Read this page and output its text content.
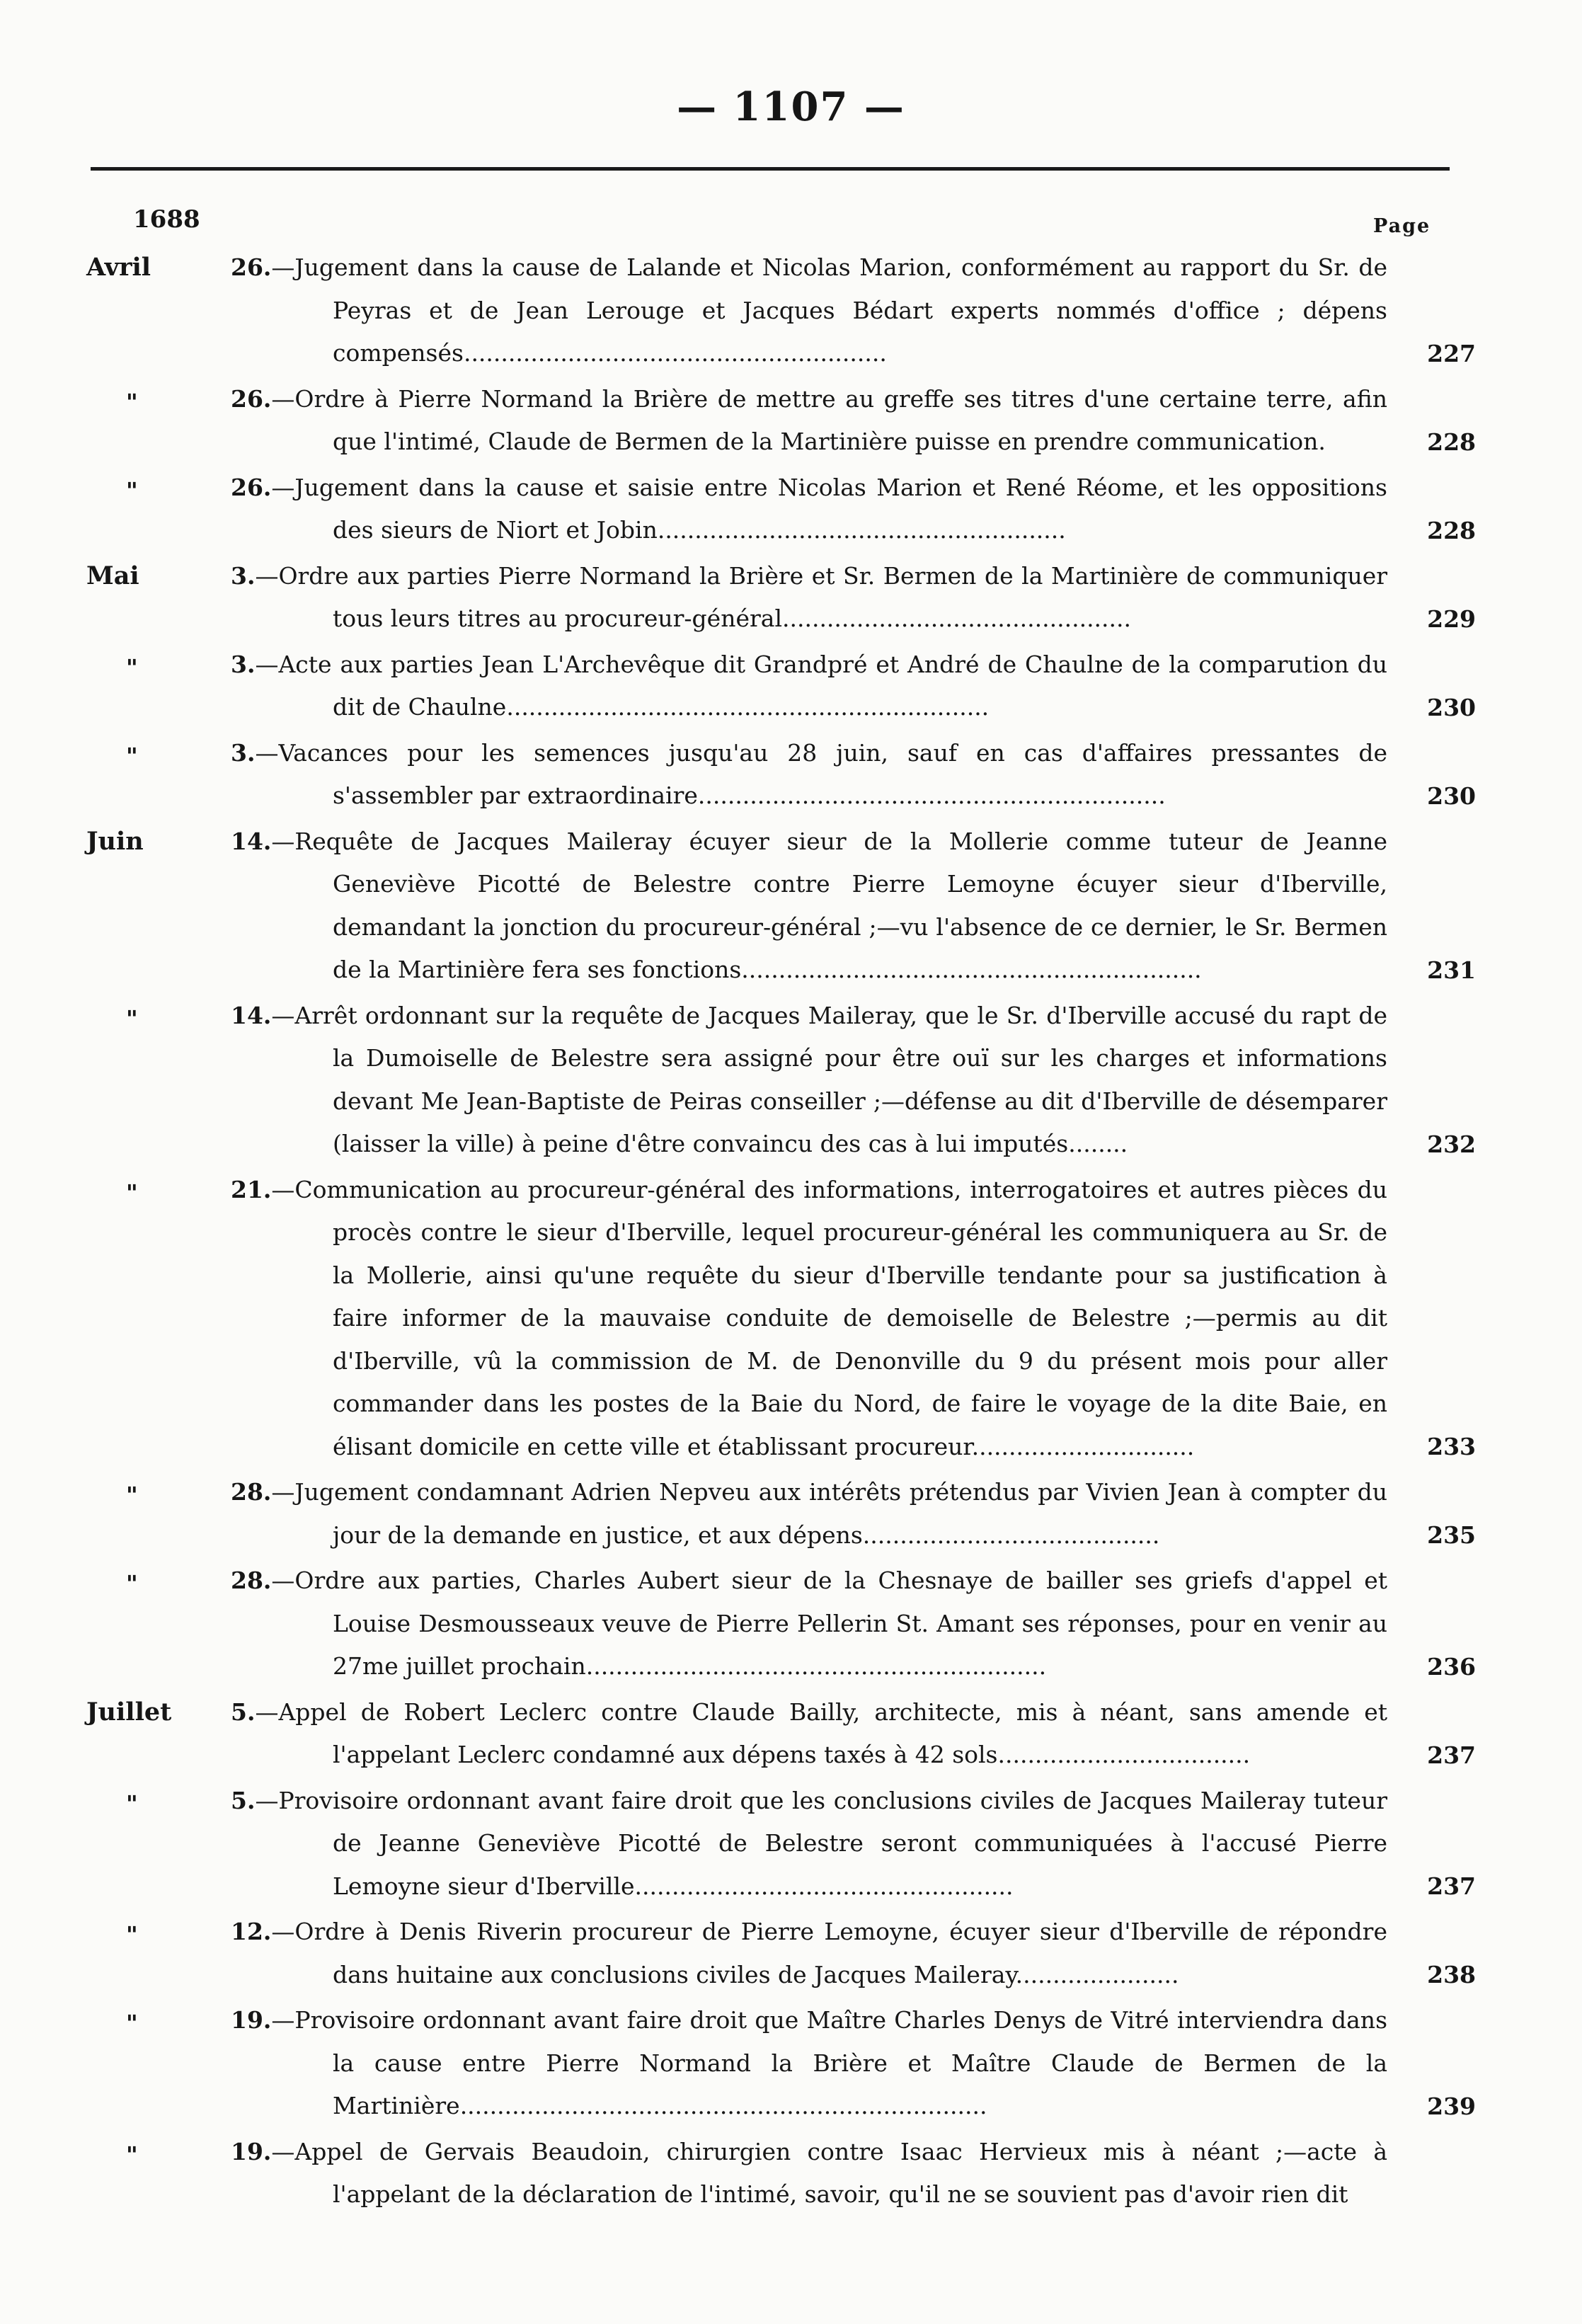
— 1107 —
1688	Page
Avril	26.—Jugement dans la cause de Lalande et Nicolas Marion, conformément au rapport du Sr. de Peyras et de Jean Lerouge et Jacques Bédart experts nommés d'office ; dépens compensés.........................................................	227
"	26.—Ordre à Pierre Normand la Brière de mettre au greffe ses titres d'une certaine terre, afin que l'intimé, Claude de Bermen de la Martinière puisse en prendre communication.	228
"	26.—Jugement dans la cause et saisie entre Nicolas Marion et René Réome, et les oppositions des sieurs de Niort et Jobin.......................................................	228
Mai	3.—Ordre aux parties Pierre Normand la Brière et Sr. Bermen de la Martinière de communiquer tous leurs titres au procureur-général...............................................	229
"	3.—Acte aux parties Jean L'Archevêque dit Grandpré et André de Chaulne de la comparution du dit de Chaulne.................................................................	230
"	3.—Vacances pour les semences jusqu'au 28 juin, sauf en cas d'affaires pressantes de s'assembler par extraordinaire...............................................................	230
Juin	14.—Requête de Jacques Maileray écuyer sieur de la Mollerie comme tuteur de Jeanne Geneviève Picotté de Belestre contre Pierre Lemoyne écuyer sieur d'Iberville, demandant la jonction du procureur-général ;—vu l'absence de ce dernier, le Sr. Bermen de la Martinière fera ses fonctions..............................................................	231
"	14.—Arrêt ordonnant sur la requête de Jacques Maileray, que le Sr. d'Iberville accusé du rapt de la Dumoiselle de Belestre sera assigné pour être ouï sur les charges et informations devant Me Jean-Baptiste de Peiras conseiller ;—défense au dit d'Iberville de désemparer (laisser la ville) à peine d'être convaincu des cas à lui imputés........	232
"	21.—Communication au procureur-général des informations, interrogatoires et autres pièces du procès contre le sieur d'Iberville, lequel procureur-général les communiquera au Sr. de la Mollerie, ainsi qu'une requête du sieur d'Iberville tendante pour sa justification à faire informer de la mauvaise conduite de demoiselle de Belestre ;—permis au dit d'Iberville, vû la commission de M. de Denonville du 9 du présent mois pour aller commander dans les postes de la Baie du Nord, de faire le voyage de la dite Baie, en élisant domicile en cette ville et établissant procureur..............................	233
"	28.—Jugement condamnant Adrien Nepveu aux intérêts prétendus par Vivien Jean à compter du jour de la demande en justice, et aux dépens........................................	235
"	28.—Ordre aux parties, Charles Aubert sieur de la Chesnaye de bailler ses griefs d'appel et Louise Desmousseaux veuve de Pierre Pellerin St. Amant ses réponses, pour en venir au 27me juillet prochain..............................................................	236
Juillet	5.—Appel de Robert Leclerc contre Claude Bailly, architecte, mis à néant, sans amende et l'appelant Leclerc condamné aux dépens taxés à 42 sols..................................	237
"	5.—Provisoire ordonnant avant faire droit que les conclusions civiles de Jacques Maileray tuteur de Jeanne Geneviève Picotté de Belestre seront communiquées à l'accusé Pierre Lemoyne sieur d'Iberville...................................................	237
"	12.—Ordre à Denis Riverin procureur de Pierre Lemoyne, écuyer sieur d'Iberville de répondre dans huitaine aux conclusions civiles de Jacques Maileray......................	238
"	19.—Provisoire ordonnant avant faire droit que Maître Charles Denys de Vitré interviendra dans la cause entre Pierre Normand la Brière et Maître Claude de Bermen de la Martinière.......................................................................	239
"	19.—Appel de Gervais Beaudoin, chirurgien contre Isaac Hervieux mis à néant ;—acte à l'appelant de la déclaration de l'intimé, savoir, qu'il ne se souvient pas d'avoir rien dit
